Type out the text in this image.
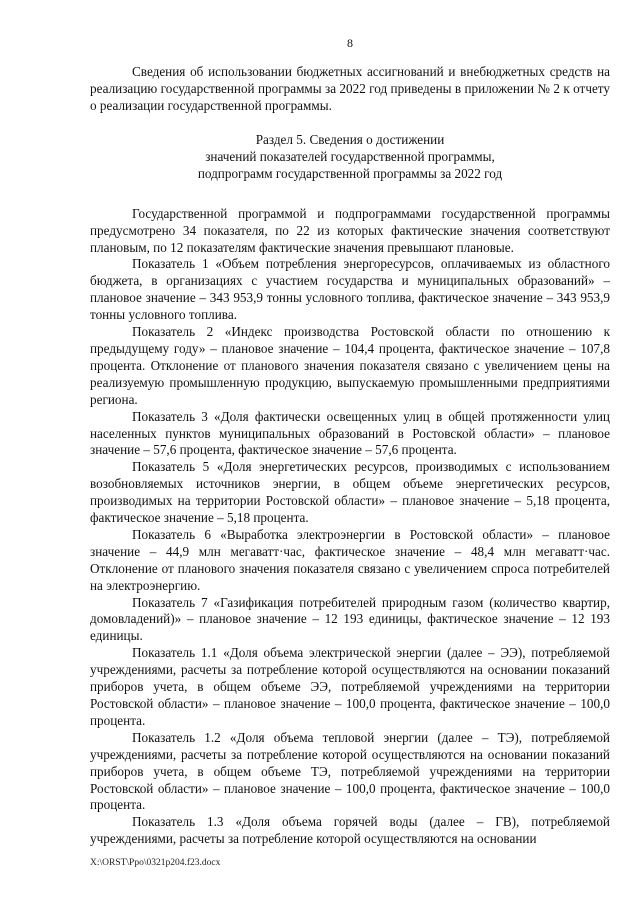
8

Сведения об использовании бюджетных ассигнований и внебюджетных средств на реализацию государственной программы за 2022 год приведены в приложении № 2 к отчету о реализации государственной программы.

Раздел 5. Сведения о достижении
значений показателей государственной программы,
подпрограмм государственной программы за 2022 год

Государственной программой и подпрограммами государственной программы предусмотрено 34 показателя, по 22 из которых фактические значения соответствуют плановым, по 12 показателям фактические значения превышают плановые.

Показатель 1 «Объем потребления энергоресурсов, оплачиваемых из областного бюджета, в организациях с участием государства и муниципальных образований» – плановое значение – 343 953,9 тонны условного топлива, фактическое значение – 343 953,9 тонны условного топлива.

Показатель 2 «Индекс производства Ростовской области по отношению к предыдущему году» – плановое значение – 104,4 процента, фактическое значение – 107,8 процента. Отклонение от планового значения показателя связано с увеличением цены на реализуемую промышленную продукцию, выпускаемую промышленными предприятиями региона.

Показатель 3 «Доля фактически освещенных улиц в общей протяженности улиц населенных пунктов муниципальных образований в Ростовской области» – плановое значение – 57,6 процента, фактическое значение – 57,6 процента.

Показатель 5 «Доля энергетических ресурсов, производимых с использованием возобновляемых источников энергии, в общем объеме энергетических ресурсов, производимых на территории Ростовской области» – плановое значение – 5,18 процента, фактическое значение – 5,18 процента.

Показатель 6 «Выработка электроэнергии в Ростовской области» – плановое значение – 44,9 млн мегаватт·час, фактическое значение – 48,4 млн мегаватт·час. Отклонение от планового значения показателя связано с увеличением спроса потребителей на электроэнергию.

Показатель 7 «Газификация потребителей природным газом (количество квартир, домовладений)» – плановое значение – 12 193 единицы, фактическое значение – 12 193 единицы.

Показатель 1.1 «Доля объема электрической энергии (далее – ЭЭ), потребляемой учреждениями, расчеты за потребление которой осуществляются на основании показаний приборов учета, в общем объеме ЭЭ, потребляемой учреждениями на территории Ростовской области» – плановое значение – 100,0 процента, фактическое значение – 100,0 процента.

Показатель 1.2 «Доля объема тепловой энергии (далее – ТЭ), потребляемой учреждениями, расчеты за потребление которой осуществляются на основании показаний приборов учета, в общем объеме ТЭ, потребляемой учреждениями на территории Ростовской области» – плановое значение – 100,0 процента, фактическое значение – 100,0 процента.

Показатель 1.3 «Доля объема горячей воды (далее – ГВ), потребляемой учреждениями, расчеты за потребление которой осуществляются на основании

X:\ORST\Ppo\0321p204.f23.docx
